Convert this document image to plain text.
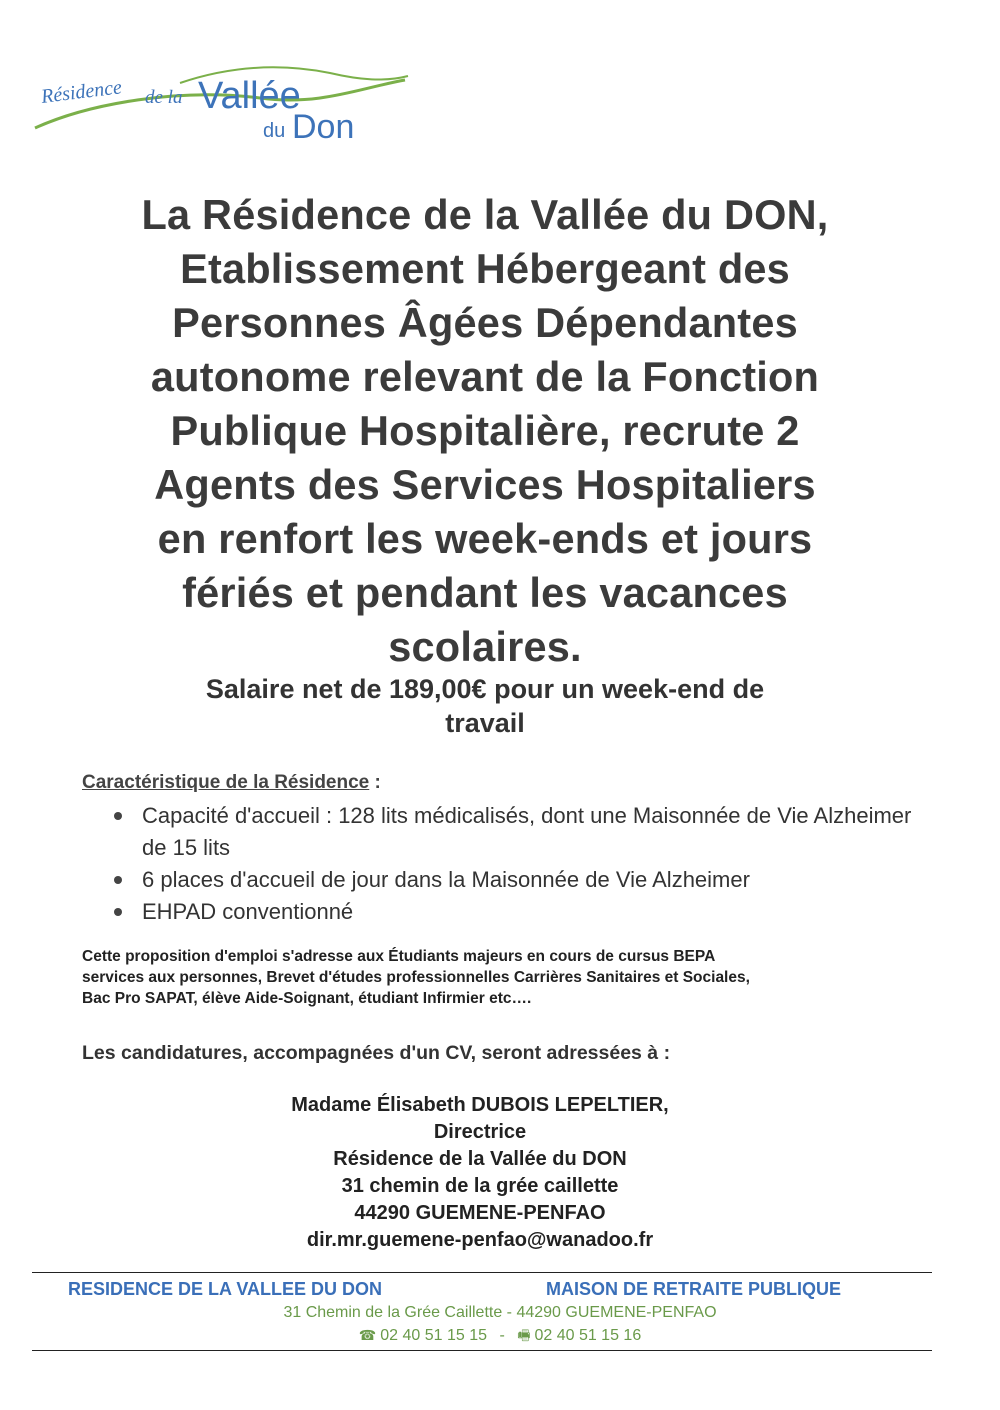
Résidence de la Vallée
du Don
La Résidence de la Vallée du DON,
Etablissement Hébergeant des
Personnes Âgées Dépendantes
autonome relevant de la Fonction
Publique Hospitalière, recrute 2
Agents des Services Hospitaliers
en renfort les week-ends et jours
fériés et pendant les vacances
scolaires.
Salaire net de 189,00€ pour un week-end de
travail
Caractéristique de la Résidence :
Capacité d'accueil : 128 lits médicalisés, dont une Maisonnée de Vie Alzheimer de 15 lits
6 places d'accueil de jour dans la Maisonnée de Vie Alzheimer
EHPAD conventionné
Cette proposition d'emploi s'adresse aux Étudiants majeurs en cours de cursus BEPA
services aux personnes, Brevet d'études professionnelles Carrières Sanitaires et Sociales,
Bac Pro SAPAT, élève Aide-Soignant, étudiant Infirmier etc….
Les candidatures, accompagnées d'un CV, seront adressées à :
Madame Élisabeth DUBOIS LEPELTIER,
Directrice
Résidence de la Vallée du DON
31 chemin de la grée caillette
44290 GUEMENE-PENFAO
dir.mr.guemene-penfao@wanadoo.fr
RESIDENCE DE LA VALLEE DU DON	MAISON DE RETRAITE PUBLIQUE
31 Chemin de la Grée Caillette - 44290 GUEMENE-PENFAO
☎ 02 40 51 15 15 - 🖷 02 40 51 15 16
